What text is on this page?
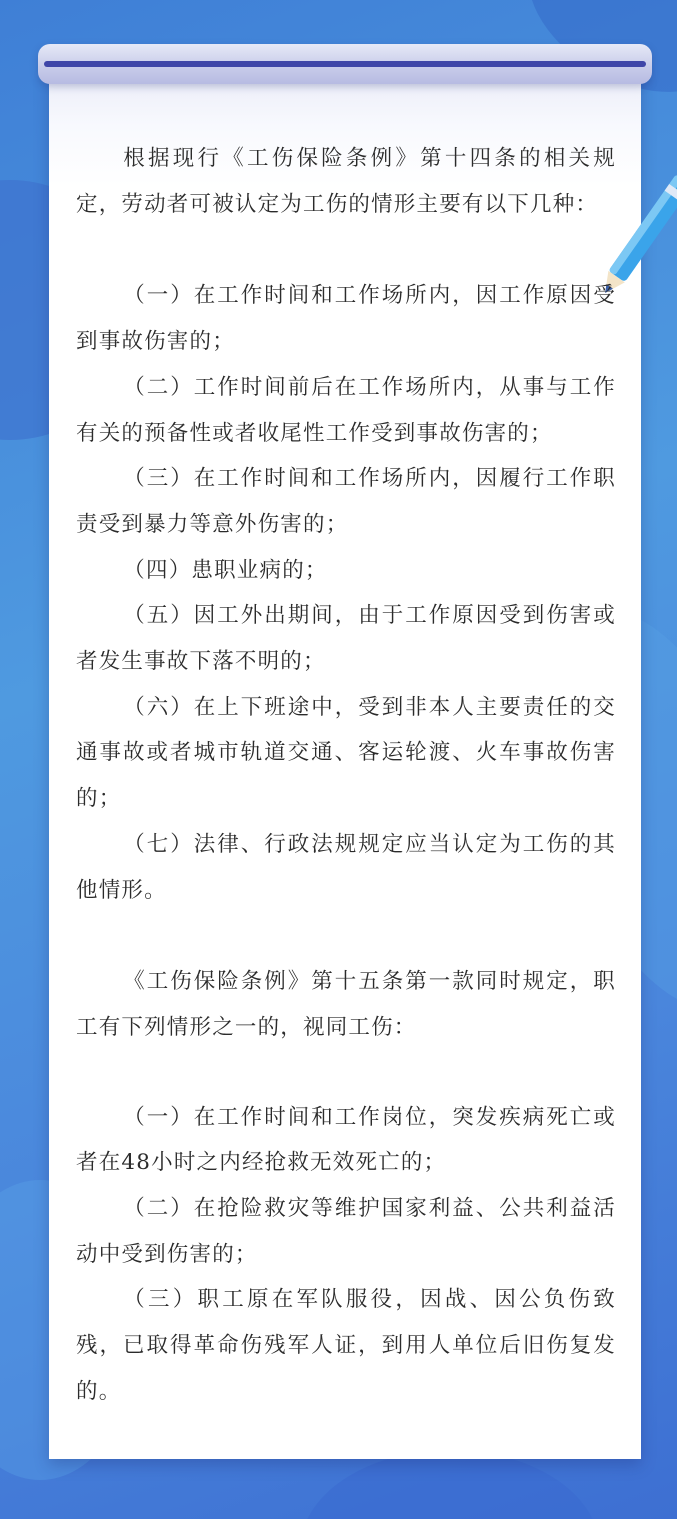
根据现行《工伤保险条例》第十四条的相关规定，劳动者可被认定为工伤的情形主要有以下几种：

（一）在工作时间和工作场所内，因工作原因受到事故伤害的；

（二）工作时间前后在工作场所内，从事与工作有关的预备性或者收尾性工作受到事故伤害的；

（三）在工作时间和工作场所内，因履行工作职责受到暴力等意外伤害的；

（四）患职业病的；

（五）因工外出期间，由于工作原因受到伤害或者发生事故下落不明的；

（六）在上下班途中，受到非本人主要责任的交通事故或者城市轨道交通、客运轮渡、火车事故伤害的；

（七）法律、行政法规规定应当认定为工伤的其他情形。

《工伤保险条例》第十五条第一款同时规定，职工有下列情形之一的，视同工伤：

（一）在工作时间和工作岗位，突发疾病死亡或者在48小时之内经抢救无效死亡的；

（二）在抢险救灾等维护国家利益、公共利益活动中受到伤害的；

（三）职工原在军队服役，因战、因公负伤致残，已取得革命伤残军人证，到用人单位后旧伤复发的。
